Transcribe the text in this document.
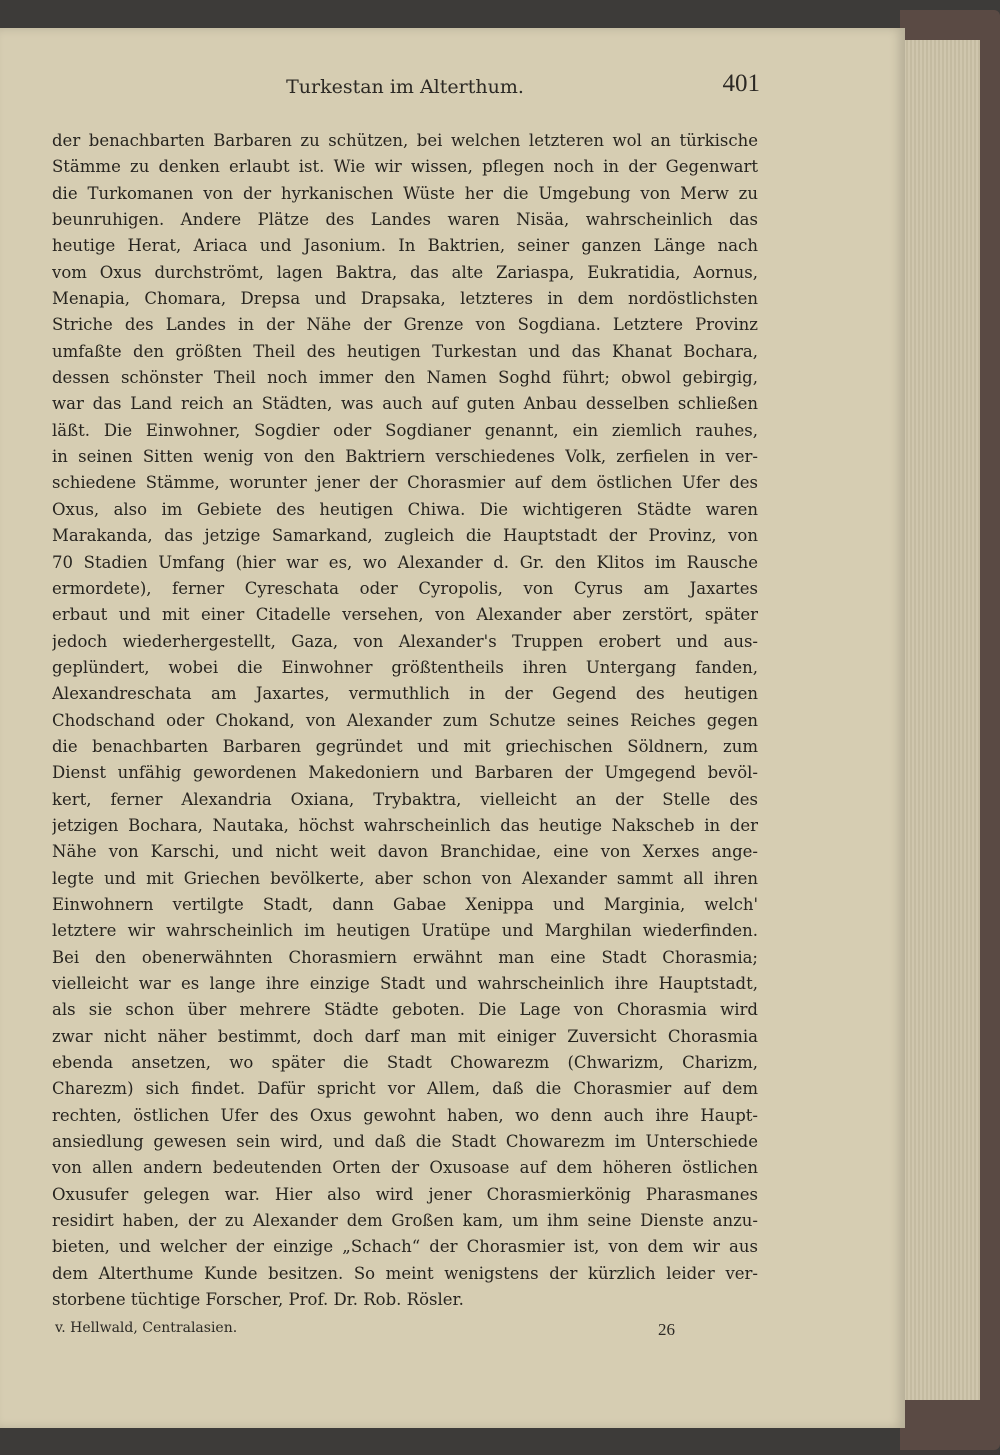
Turkestan im Alterthum.	401
der benachbarten Barbaren zu schützen, bei welchen letzteren wol an türkische
Stämme zu denken erlaubt ist. Wie wir wissen, pflegen noch in der Gegenwart
die Turkomanen von der hyrkanischen Wüste her die Umgebung von Merw zu
beunruhigen. Andere Plätze des Landes waren Nisäa, wahrscheinlich das
heutige Herat, Ariaca und Jasonium. In Baktrien, seiner ganzen Länge nach
vom Oxus durchströmt, lagen Baktra, das alte Zariaspa, Eukratidia, Aornus,
Menapia, Chomara, Drepsa und Drapsaka, letzteres in dem nordöstlichsten
Striche des Landes in der Nähe der Grenze von Sogdiana. Letztere Provinz
umfaßte den größten Theil des heutigen Turkestan und das Khanat Bochara,
dessen schönster Theil noch immer den Namen Soghd führt; obwol gebirgig,
war das Land reich an Städten, was auch auf guten Anbau desselben schließen
läßt. Die Einwohner, Sogdier oder Sogdianer genannt, ein ziemlich rauhes,
in seinen Sitten wenig von den Baktriern verschiedenes Volk, zerfielen in ver-
schiedene Stämme, worunter jener der Chorasmier auf dem östlichen Ufer des
Oxus, also im Gebiete des heutigen Chiwa. Die wichtigeren Städte waren
Marakanda, das jetzige Samarkand, zugleich die Hauptstadt der Provinz, von
70 Stadien Umfang (hier war es, wo Alexander d. Gr. den Klitos im Rausche
ermordete), ferner Cyreschata oder Cyropolis, von Cyrus am Jaxartes
erbaut und mit einer Citadelle versehen, von Alexander aber zerstört, später
jedoch wiederhergestellt, Gaza, von Alexander's Truppen erobert und aus-
geplündert, wobei die Einwohner größtentheils ihren Untergang fanden,
Alexandreschata am Jaxartes, vermuthlich in der Gegend des heutigen
Chodschand oder Chokand, von Alexander zum Schutze seines Reiches gegen
die benachbarten Barbaren gegründet und mit griechischen Söldnern, zum
Dienst unfähig gewordenen Makedoniern und Barbaren der Umgegend bevöl-
kert, ferner Alexandria Oxiana, Trybaktra, vielleicht an der Stelle des
jetzigen Bochara, Nautaka, höchst wahrscheinlich das heutige Nakscheb in der
Nähe von Karschi, und nicht weit davon Branchidae, eine von Xerxes ange-
legte und mit Griechen bevölkerte, aber schon von Alexander sammt all ihren
Einwohnern vertilgte Stadt, dann Gabae Xenippa und Marginia, welch'
letztere wir wahrscheinlich im heutigen Uratüpe und Marghilan wiederfinden.
Bei den obenerwähnten Chorasmiern erwähnt man eine Stadt Chorasmia;
vielleicht war es lange ihre einzige Stadt und wahrscheinlich ihre Hauptstadt,
als sie schon über mehrere Städte geboten. Die Lage von Chorasmia wird
zwar nicht näher bestimmt, doch darf man mit einiger Zuversicht Chorasmia
ebenda ansetzen, wo später die Stadt Chowarezm (Chwarizm, Charizm,
Charezm) sich findet. Dafür spricht vor Allem, daß die Chorasmier auf dem
rechten, östlichen Ufer des Oxus gewohnt haben, wo denn auch ihre Haupt-
ansiedlung gewesen sein wird, und daß die Stadt Chowarezm im Unterschiede
von allen andern bedeutenden Orten der Oxusoase auf dem höheren östlichen
Oxusufer gelegen war. Hier also wird jener Chorasmierkönig Pharasmanes
residirt haben, der zu Alexander dem Großen kam, um ihm seine Dienste anzu-
bieten, und welcher der einzige „Schach“ der Chorasmier ist, von dem wir aus
dem Alterthume Kunde besitzen. So meint wenigstens der kürzlich leider ver-
storbene tüchtige Forscher, Prof. Dr. Rob. Rösler.
v. Hellwald, Centralasien.	26
